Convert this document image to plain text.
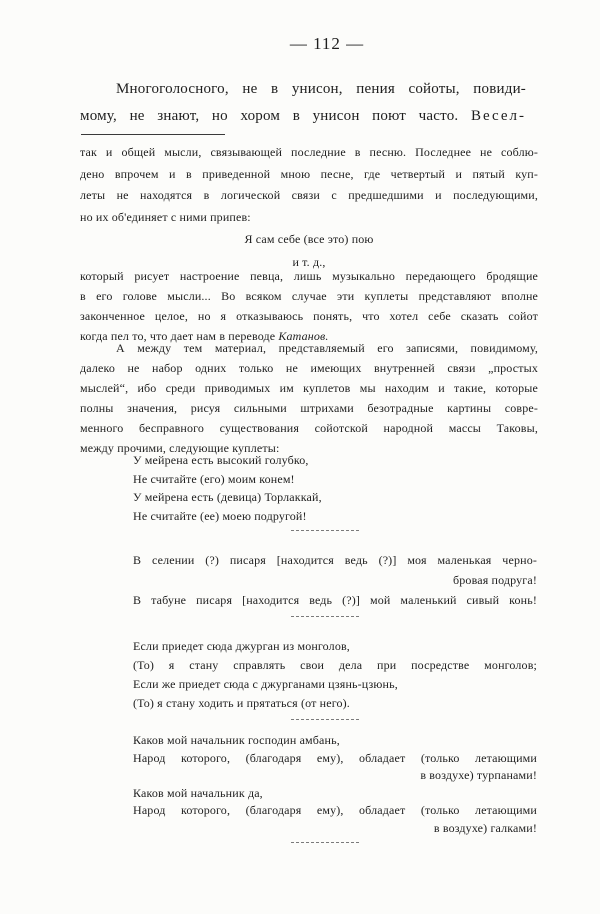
— 112 —
Многоголосного, не в унисон, пения сойоты, повиди-
мому, не знают, но хором в унисон поют часто. Весел-
так и общей мысли, связывающей последние в песню. Последнее не соблю-
дено впрочем и в приведенной мною песне, где четвертый и пятый куп-
леты не находятся в логической связи с предшедшими и последующими,
но их об'единяет с ними припев:
Я сам себе (все это) пою
и т. д.,
который рисует настроение певца, лишь музыкально передающего бродящие
в его голове мысли... Во всяком случае эти куплеты представляют вполне
законченное целое, но я отказываюсь понять, что хотел себе сказать сойот
когда пел то, что дает нам в переводе Катанов.
А между тем материал, представляемый его записями, повидимому,
далеко не набор одних только не имеющих внутренней связи „простых
мыслей“, ибо среди приводимых им куплетов мы находим и такие, которые
полны значения, рисуя сильными штрихами безотрадные картины совре-
менного бесправного существования сойотской народной массы Таковы,
между прочими, следующие куплеты:
У мейрена есть высокий голубко,
Не считайте (его) моим конем!
У мейрена есть (девица) Торлаккай,
Не считайте (ее) моею подругой!
В селении (?) писаря [находится ведь (?)] моя маленькая черно-
бровая подруга!
В табуне писаря [находится ведь (?)] мой маленький сивый конь!
Если приедет сюда джурган из монголов,
(То) я стану справлять свои дела при посредстве монголов;
Если же приедет сюда с джурганами цзянь-цзюнь,
(То) я стану ходить и прятаться (от него).
Каков мой начальник господин амбань,
Народ которого, (благодаря ему), обладает (только летающими
в воздухе) турпанами!
Каков мой начальник да,
Народ которого, (благодаря ему), обладает (только летающими
в воздухе) галками!
